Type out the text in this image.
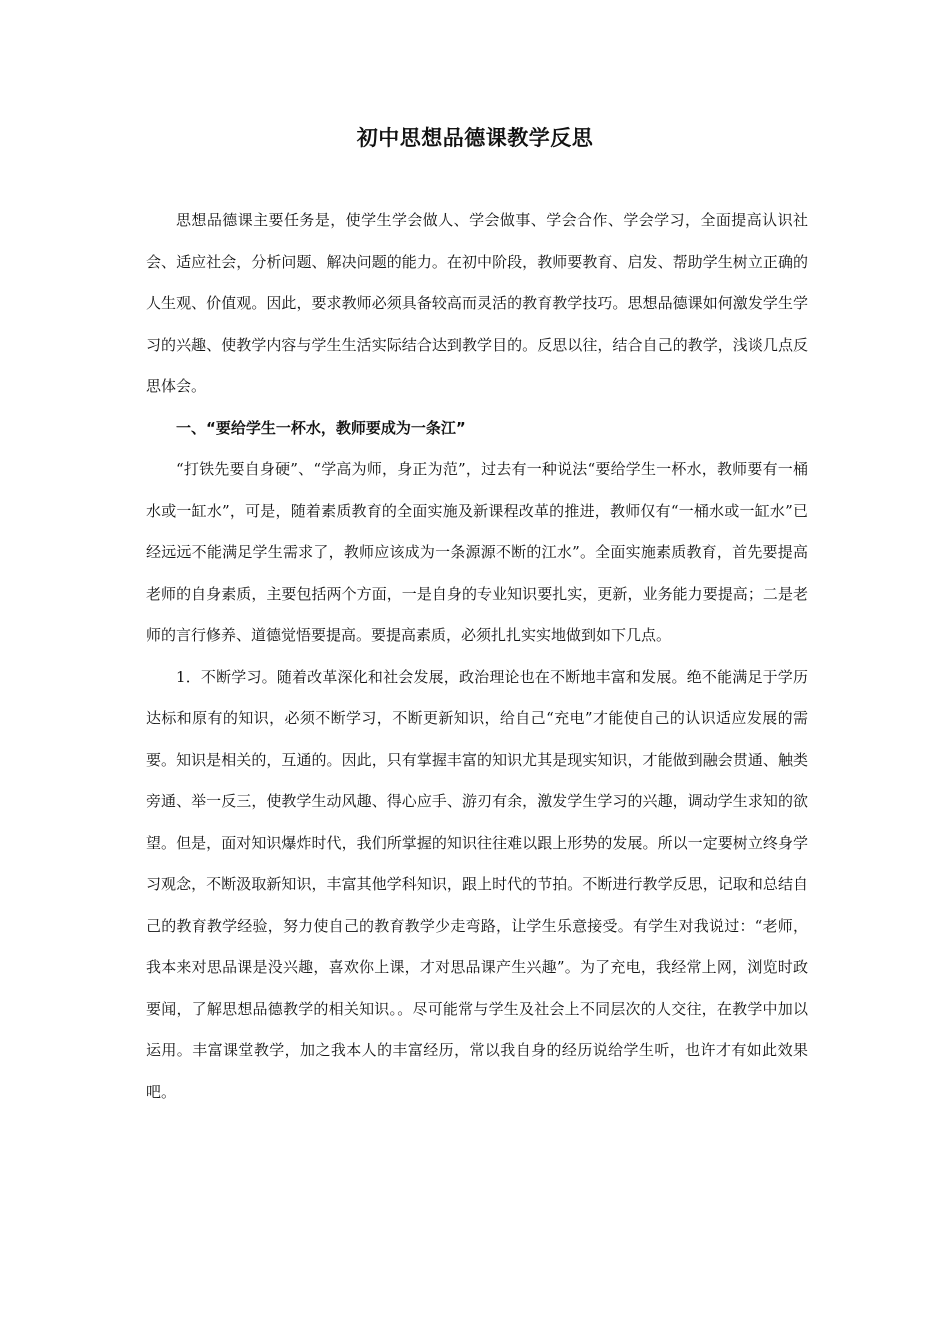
初中思想品德课教学反思

思想品德课主要任务是，使学生学会做人、学会做事、学会合作、学会学习，全面提高认识社会、适应社会，分析问题、解决问题的能力。在初中阶段，教师要教育、启发、帮助学生树立正确的人生观、价值观。因此，要求教师必须具备较高而灵活的教育教学技巧。思想品德课如何激发学生学习的兴趣、使教学内容与学生生活实际结合达到教学目的。反思以往，结合自己的教学，浅谈几点反思体会。

一、“要给学生一杯水，教师要成为一条江”

“打铁先要自身硬”、“学高为师，身正为范”，过去有一种说法“要给学生一杯水，教师要有一桶水或一缸水”，可是，随着素质教育的全面实施及新课程改革的推进，教师仅有“一桶水或一缸水”已经远远不能满足学生需求了，教师应该成为一条源源不断的江水”。全面实施素质教育，首先要提高老师的自身素质，主要包括两个方面，一是自身的专业知识要扎实，更新，业务能力要提高；二是老师的言行修养、道德觉悟要提高。要提高素质，必须扎扎实实地做到如下几点。

1．不断学习。随着改革深化和社会发展，政治理论也在不断地丰富和发展。绝不能满足于学历达标和原有的知识，必须不断学习，不断更新知识，给自己“充电”才能使自己的认识适应发展的需要。知识是相关的，互通的。因此，只有掌握丰富的知识尤其是现实知识，才能做到融会贯通、触类旁通、举一反三，使教学生动风趣、得心应手、游刃有余，激发学生学习的兴趣，调动学生求知的欲望。但是，面对知识爆炸时代，我们所掌握的知识往往难以跟上形势的发展。所以一定要树立终身学习观念，不断汲取新知识，丰富其他学科知识，跟上时代的节拍。不断进行教学反思，记取和总结自己的教育教学经验，努力使自己的教育教学少走弯路，让学生乐意接受。有学生对我说过：“老师，我本来对思品课是没兴趣，喜欢你上课，才对思品课产生兴趣”。为了充电，我经常上网，浏览时政要闻，了解思想品德教学的相关知识。。尽可能常与学生及社会上不同层次的人交往，在教学中加以运用。丰富课堂教学，加之我本人的丰富经历，常以我自身的经历说给学生听，也许才有如此效果吧。
